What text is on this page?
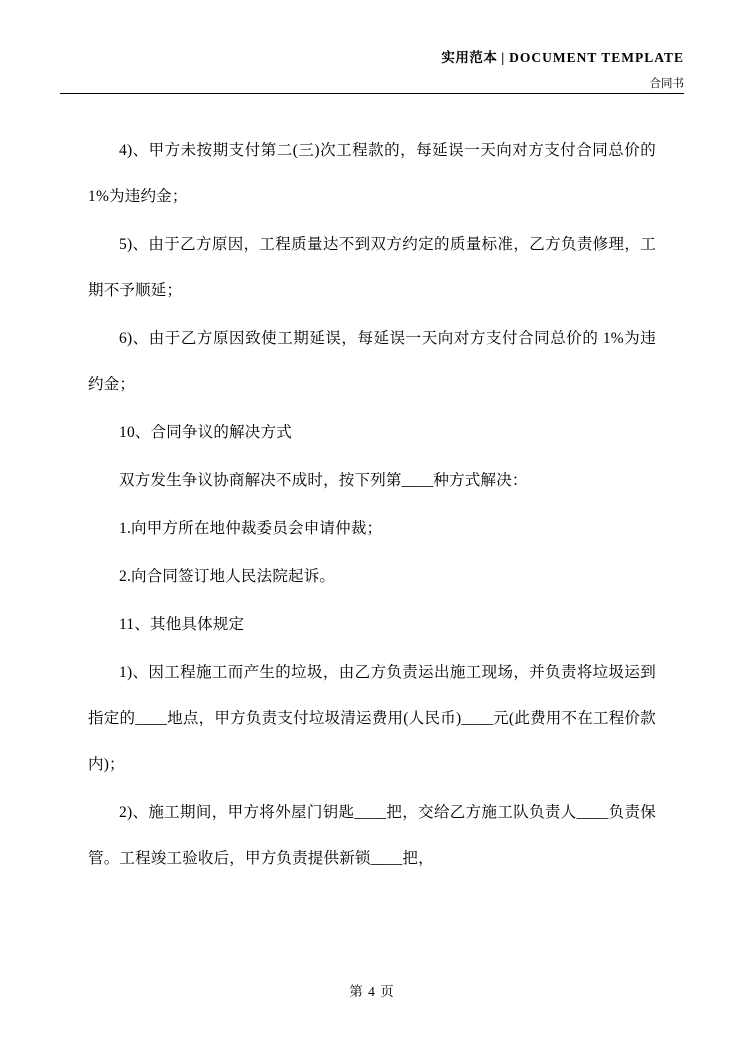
实用范本 | DOCUMENT TEMPLATE
合同书

4)、甲方未按期支付第二(三)次工程款的，每延误一天向对方支付合同总价的 1%为违约金；

5)、由于乙方原因，工程质量达不到双方约定的质量标准，乙方负责修理，工期不予顺延；

6)、由于乙方原因致使工期延误，每延误一天向对方支付合同总价的 1%为违约金；

10、合同争议的解决方式

双方发生争议协商解决不成时，按下列第____种方式解决：

1.向甲方所在地仲裁委员会申请仲裁；

2.向合同签订地人民法院起诉。

11、其他具体规定

1)、因工程施工而产生的垃圾，由乙方负责运出施工现场，并负责将垃圾运到指定的____地点，甲方负责支付垃圾清运费用(人民币)____元(此费用不在工程价款内)；

2)、施工期间，甲方将外屋门钥匙____把，交给乙方施工队负责人____负责保管。工程竣工验收后，甲方负责提供新锁____把，

第 4 页
